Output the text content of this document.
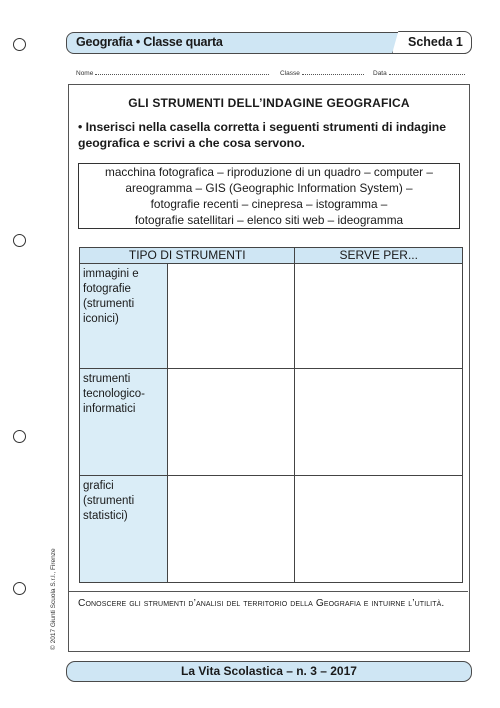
Geografia • Classe quarta	Scheda 1
Nome	Classe	Data
GLI STRUMENTI DELL’INDAGINE GEOGRAFICA
• Inserisci nella casella corretta i seguenti strumenti di indagine geografica e scrivi a che cosa servono.
macchina fotografica – riproduzione di un quadro – computer –
areogramma – GIS (Geographic Information System) –
fotografie recenti – cinepresa – istogramma –
fotografie satellitari – elenco siti web – ideogramma
TIPO DI STRUMENTI		SERVE PER...
immagini e fotografie (strumenti iconici)		
strumenti tecnologico-informatici		
grafici (strumenti statistici)		
Conoscere gli strumenti d’analisi del territorio della Geografia e intuirne l’utilità.
© 2017 Giunti Scuola S.r.l., Firenze
La Vita Scolastica – n. 3 – 2017
